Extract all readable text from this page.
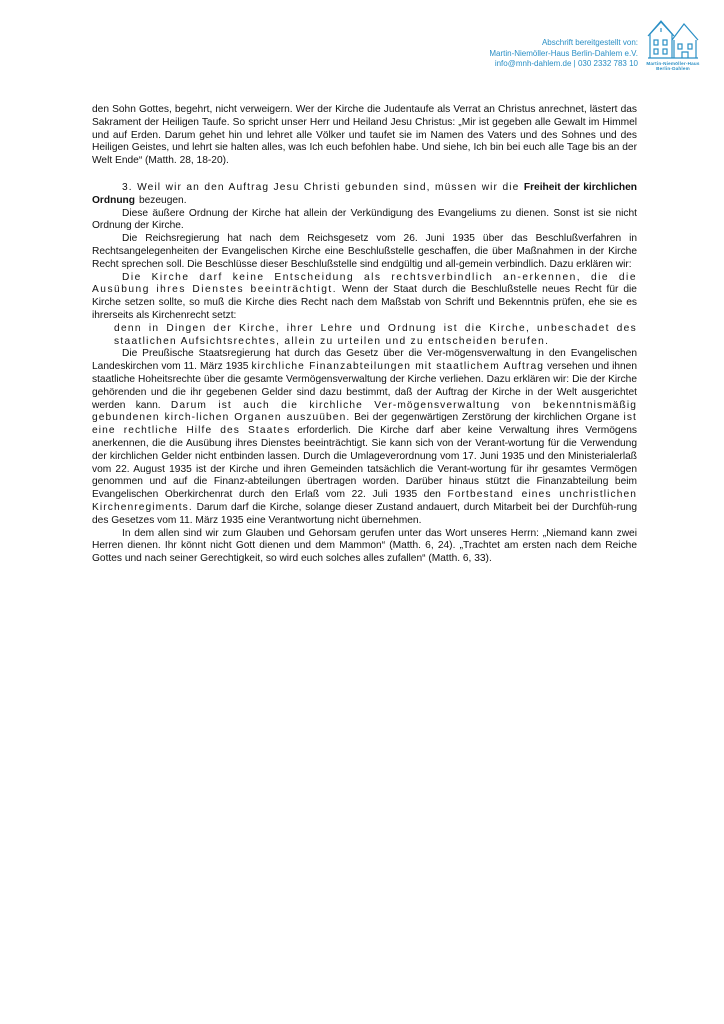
Abschrift bereitgestellt von:
Martin-Niemöller-Haus Berlin-Dahlem e.V.
info@mnh-dahlem.de | 030 2332 783 10 Martin-Niemöller-Haus
Berlin-Dahlem

den Sohn Gottes, begehrt, nicht verweigern. Wer der Kirche die Judentaufe als Verrat an Christus anrechnet, lästert das Sakrament der Heiligen Taufe. So spricht unser Herr und Heiland Jesu Christus: „Mir ist gegeben alle Gewalt im Himmel und auf Erden. Darum gehet hin und lehret alle Völker und taufet sie im Namen des Vaters und des Sohnes und des Heiligen Geistes, und lehrt sie halten alles, was Ich euch befohlen habe. Und siehe, Ich bin bei euch alle Tage bis an der Welt Ende“ (Matth. 28, 18-20).

3. Weil wir an den Auftrag Jesu Christi gebunden sind, müssen wir die Freiheit der kirchlichen Ordnung bezeugen.

Diese äußere Ordnung der Kirche hat allein der Verkündigung des Evangeliums zu dienen. Sonst ist sie nicht Ordnung der Kirche.

Die Reichsregierung hat nach dem Reichsgesetz vom 26. Juni 1935 über das Beschlußverfahren in Rechtsangelegenheiten der Evangelischen Kirche eine Beschlußstelle geschaffen, die über Maßnahmen in der Kirche Recht sprechen soll. Die Beschlüsse dieser Beschlußstelle sind endgültig und all-gemein verbindlich. Dazu erklären wir:

Die Kirche darf keine Entscheidung als rechtsverbindlich an-erkennen, die die Ausübung ihres Dienstes beeinträchtigt. Wenn der Staat durch die Beschlußstelle neues Recht für die Kirche setzen sollte, so muß die Kirche dies Recht nach dem Maßstab von Schrift und Bekenntnis prüfen, ehe sie es ihrerseits als Kirchenrecht setzt:

denn in Dingen der Kirche, ihrer Lehre und Ordnung ist die Kirche, unbeschadet des staatlichen Aufsichtsrechtes, allein zu urteilen und zu entscheiden berufen.

Die Preußische Staatsregierung hat durch das Gesetz über die Ver-mögensverwaltung in den Evangelischen Landeskirchen vom 11. März 1935 kirchliche Finanzabteilungen mit staatlichem Auftrag versehen und ihnen staatliche Hoheitsrechte über die gesamte Vermögensverwaltung der Kirche verliehen. Dazu erklären wir: Die der Kirche gehörenden und die ihr gegebenen Gelder sind dazu bestimmt, daß der Auftrag der Kirche in der Welt ausgerichtet werden kann. Darum ist auch die kirchliche Ver-mögensverwaltung von bekenntnismäßig gebundenen kirch-lichen Organen auszuüben. Bei der gegenwärtigen Zerstörung der kirchlichen Organe ist eine rechtliche Hilfe des Staates erforderlich. Die Kirche darf aber keine Verwaltung ihres Vermögens anerkennen, die die Ausübung ihres Dienstes beeinträchtigt. Sie kann sich von der Verant-wortung für die Verwendung der kirchlichen Gelder nicht entbinden lassen. Durch die Umlageverordnung vom 17. Juni 1935 und den Ministerialerlaß vom 22. August 1935 ist der Kirche und ihren Gemeinden tatsächlich die Verant-wortung für ihr gesamtes Vermögen genommen und auf die Finanz-abteilungen übertragen worden. Darüber hinaus stützt die Finanzabteilung beim Evangelischen Oberkirchenrat durch den Erlaß vom 22. Juli 1935 den Fortbestand eines unchristlichen Kirchenregiments. Darum darf die Kirche, solange dieser Zustand andauert, durch Mitarbeit bei der Durchfüh-rung des Gesetzes vom 11. März 1935 eine Verantwortung nicht übernehmen.

In dem allen sind wir zum Glauben und Gehorsam gerufen unter das Wort unseres Herrn: „Niemand kann zwei Herren dienen. Ihr könnt nicht Gott dienen und dem Mammon“ (Matth. 6, 24). „Trachtet am ersten nach dem Reiche Gottes und nach seiner Gerechtigkeit, so wird euch solches alles zufallen“ (Matth. 6, 33).
